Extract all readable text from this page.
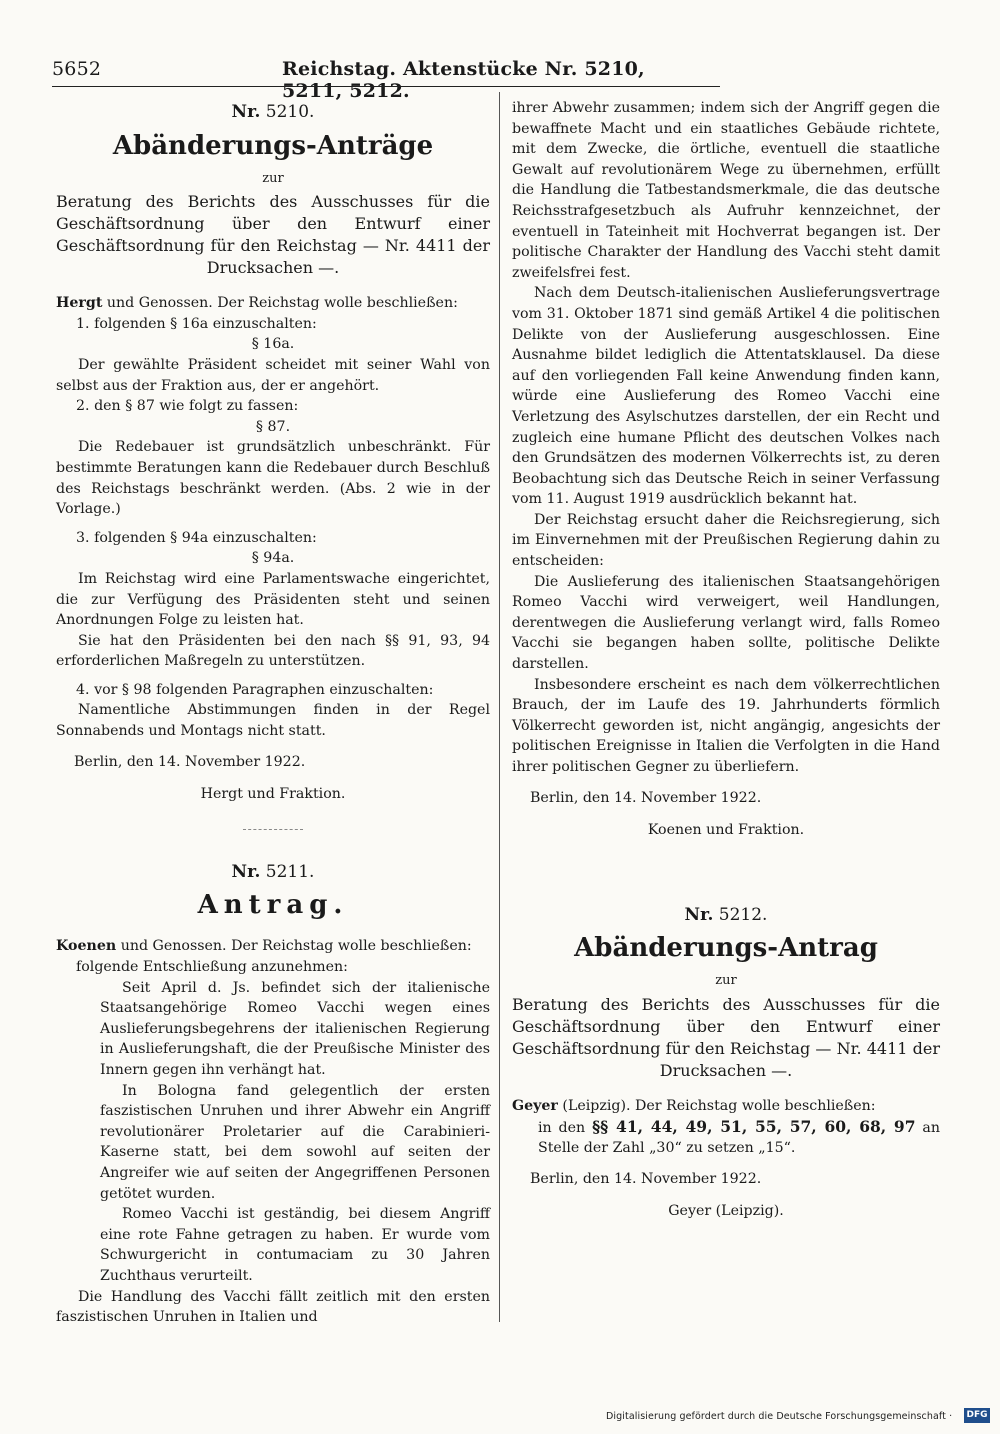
5652	Reichstag. Aktenstücke Nr. 5210, 5211, 5212.
Nr. 5210.
Abänderungs-Anträge
zur
Beratung des Berichts des Ausschusses für die Geschäftsordnung über den Entwurf einer Geschäftsordnung für den Reichstag — Nr. 4411 der Drucksachen —.
Hergt und Genossen. Der Reichstag wolle beschließen:
1. folgenden § 16a einzuschalten:
§ 16a.
Der gewählte Präsident scheidet mit seiner Wahl von selbst aus der Fraktion aus, der er angehört.
2. den § 87 wie folgt zu fassen:
§ 87.
Die Redebauer ist grundsätzlich unbeschränkt. Für bestimmte Beratungen kann die Redebauer durch Beschluß des Reichstags beschränkt werden. (Abs. 2 wie in der Vorlage.)
3. folgenden § 94a einzuschalten:
§ 94a.
Im Reichstag wird eine Parlamentswache eingerichtet, die zur Verfügung des Präsidenten steht und seinen Anordnungen Folge zu leisten hat.
Sie hat den Präsidenten bei den nach §§ 91, 93, 94 erforderlichen Maßregeln zu unterstützen.
4. vor § 98 folgenden Paragraphen einzuschalten:
Namentliche Abstimmungen finden in der Regel Sonnabends und Montags nicht statt.
Berlin, den 14. November 1922.
Hergt und Fraktion.
Nr. 5211.
Antrag.
Koenen und Genossen. Der Reichstag wolle beschließen:
folgende Entschließung anzunehmen:

Seit April d. Js. befindet sich der italienische Staatsangehörige Romeo Vacchi wegen eines Auslieferungsbegehrens der italienischen Regierung in Auslieferungshaft, die der Preußische Minister des Innern gegen ihn verhängt hat.

In Bologna fand gelegentlich der ersten faszistischen Unruhen und ihrer Abwehr ein Angriff revolutionärer Proletarier auf die Carabinieri-Kaserne statt, bei dem sowohl auf seiten der Angreifer wie auf seiten der Angegriffenen Personen getötet wurden.

Romeo Vacchi ist geständig, bei diesem Angriff eine rote Fahne getragen zu haben. Er wurde vom Schwurgericht in contumaciam zu 30 Jahren Zuchthaus verurteilt.

Die Handlung des Vacchi fällt zeitlich mit den ersten faszistischen Unruhen in Italien und

ihrer Abwehr zusammen; indem sich der Angriff gegen die bewaffnete Macht und ein staatliches Gebäude richtete, mit dem Zwecke, die örtliche, eventuell die staatliche Gewalt auf revolutionärem Wege zu übernehmen, erfüllt die Handlung die Tatbestandsmerkmale, die das deutsche Reichsstrafgesetzbuch als Aufruhr kennzeichnet, der eventuell in Tateinheit mit Hochverrat begangen ist. Der politische Charakter der Handlung des Vacchi steht damit zweifelsfrei fest.

Nach dem Deutsch-italienischen Auslieferungsvertrage vom 31. Oktober 1871 sind gemäß Artikel 4 die politischen Delikte von der Auslieferung ausgeschlossen. Eine Ausnahme bildet lediglich die Attentatsklausel. Da diese auf den vorliegenden Fall keine Anwendung finden kann, würde eine Auslieferung des Romeo Vacchi eine Verletzung des Asylschutzes darstellen, der ein Recht und zugleich eine humane Pflicht des deutschen Volkes nach den Grundsätzen des modernen Völkerrechts ist, zu deren Beobachtung sich das Deutsche Reich in seiner Verfassung vom 11. August 1919 ausdrücklich bekannt hat.

Der Reichstag ersucht daher die Reichsregierung, sich im Einvernehmen mit der Preußischen Regierung dahin zu entscheiden:

Die Auslieferung des italienischen Staatsangehörigen Romeo Vacchi wird verweigert, weil Handlungen, derentwegen die Auslieferung verlangt wird, falls Romeo Vacchi sie begangen haben sollte, politische Delikte darstellen.

Insbesondere erscheint es nach dem völkerrechtlichen Brauch, der im Laufe des 19. Jahrhunderts förmlich Völkerrecht geworden ist, nicht angängig, angesichts der politischen Ereignisse in Italien die Verfolgten in die Hand ihrer politischen Gegner zu überliefern.

Berlin, den 14. November 1922.
Koenen und Fraktion.
Nr. 5212.
Abänderungs-Antrag
zur
Beratung des Berichts des Ausschusses für die Geschäftsordnung über den Entwurf einer Geschäftsordnung für den Reichstag — Nr. 4411 der Drucksachen —.
Geyer (Leipzig). Der Reichstag wolle beschließen:
in den §§ 41, 44, 49, 51, 55, 57, 60, 68, 97 an Stelle der Zahl „30“ zu setzen „15“.
Berlin, den 14. November 1922.
Geyer (Leipzig).
Digitalisierung gefördert durch die Deutsche Forschungsgemeinschaft · DFG
